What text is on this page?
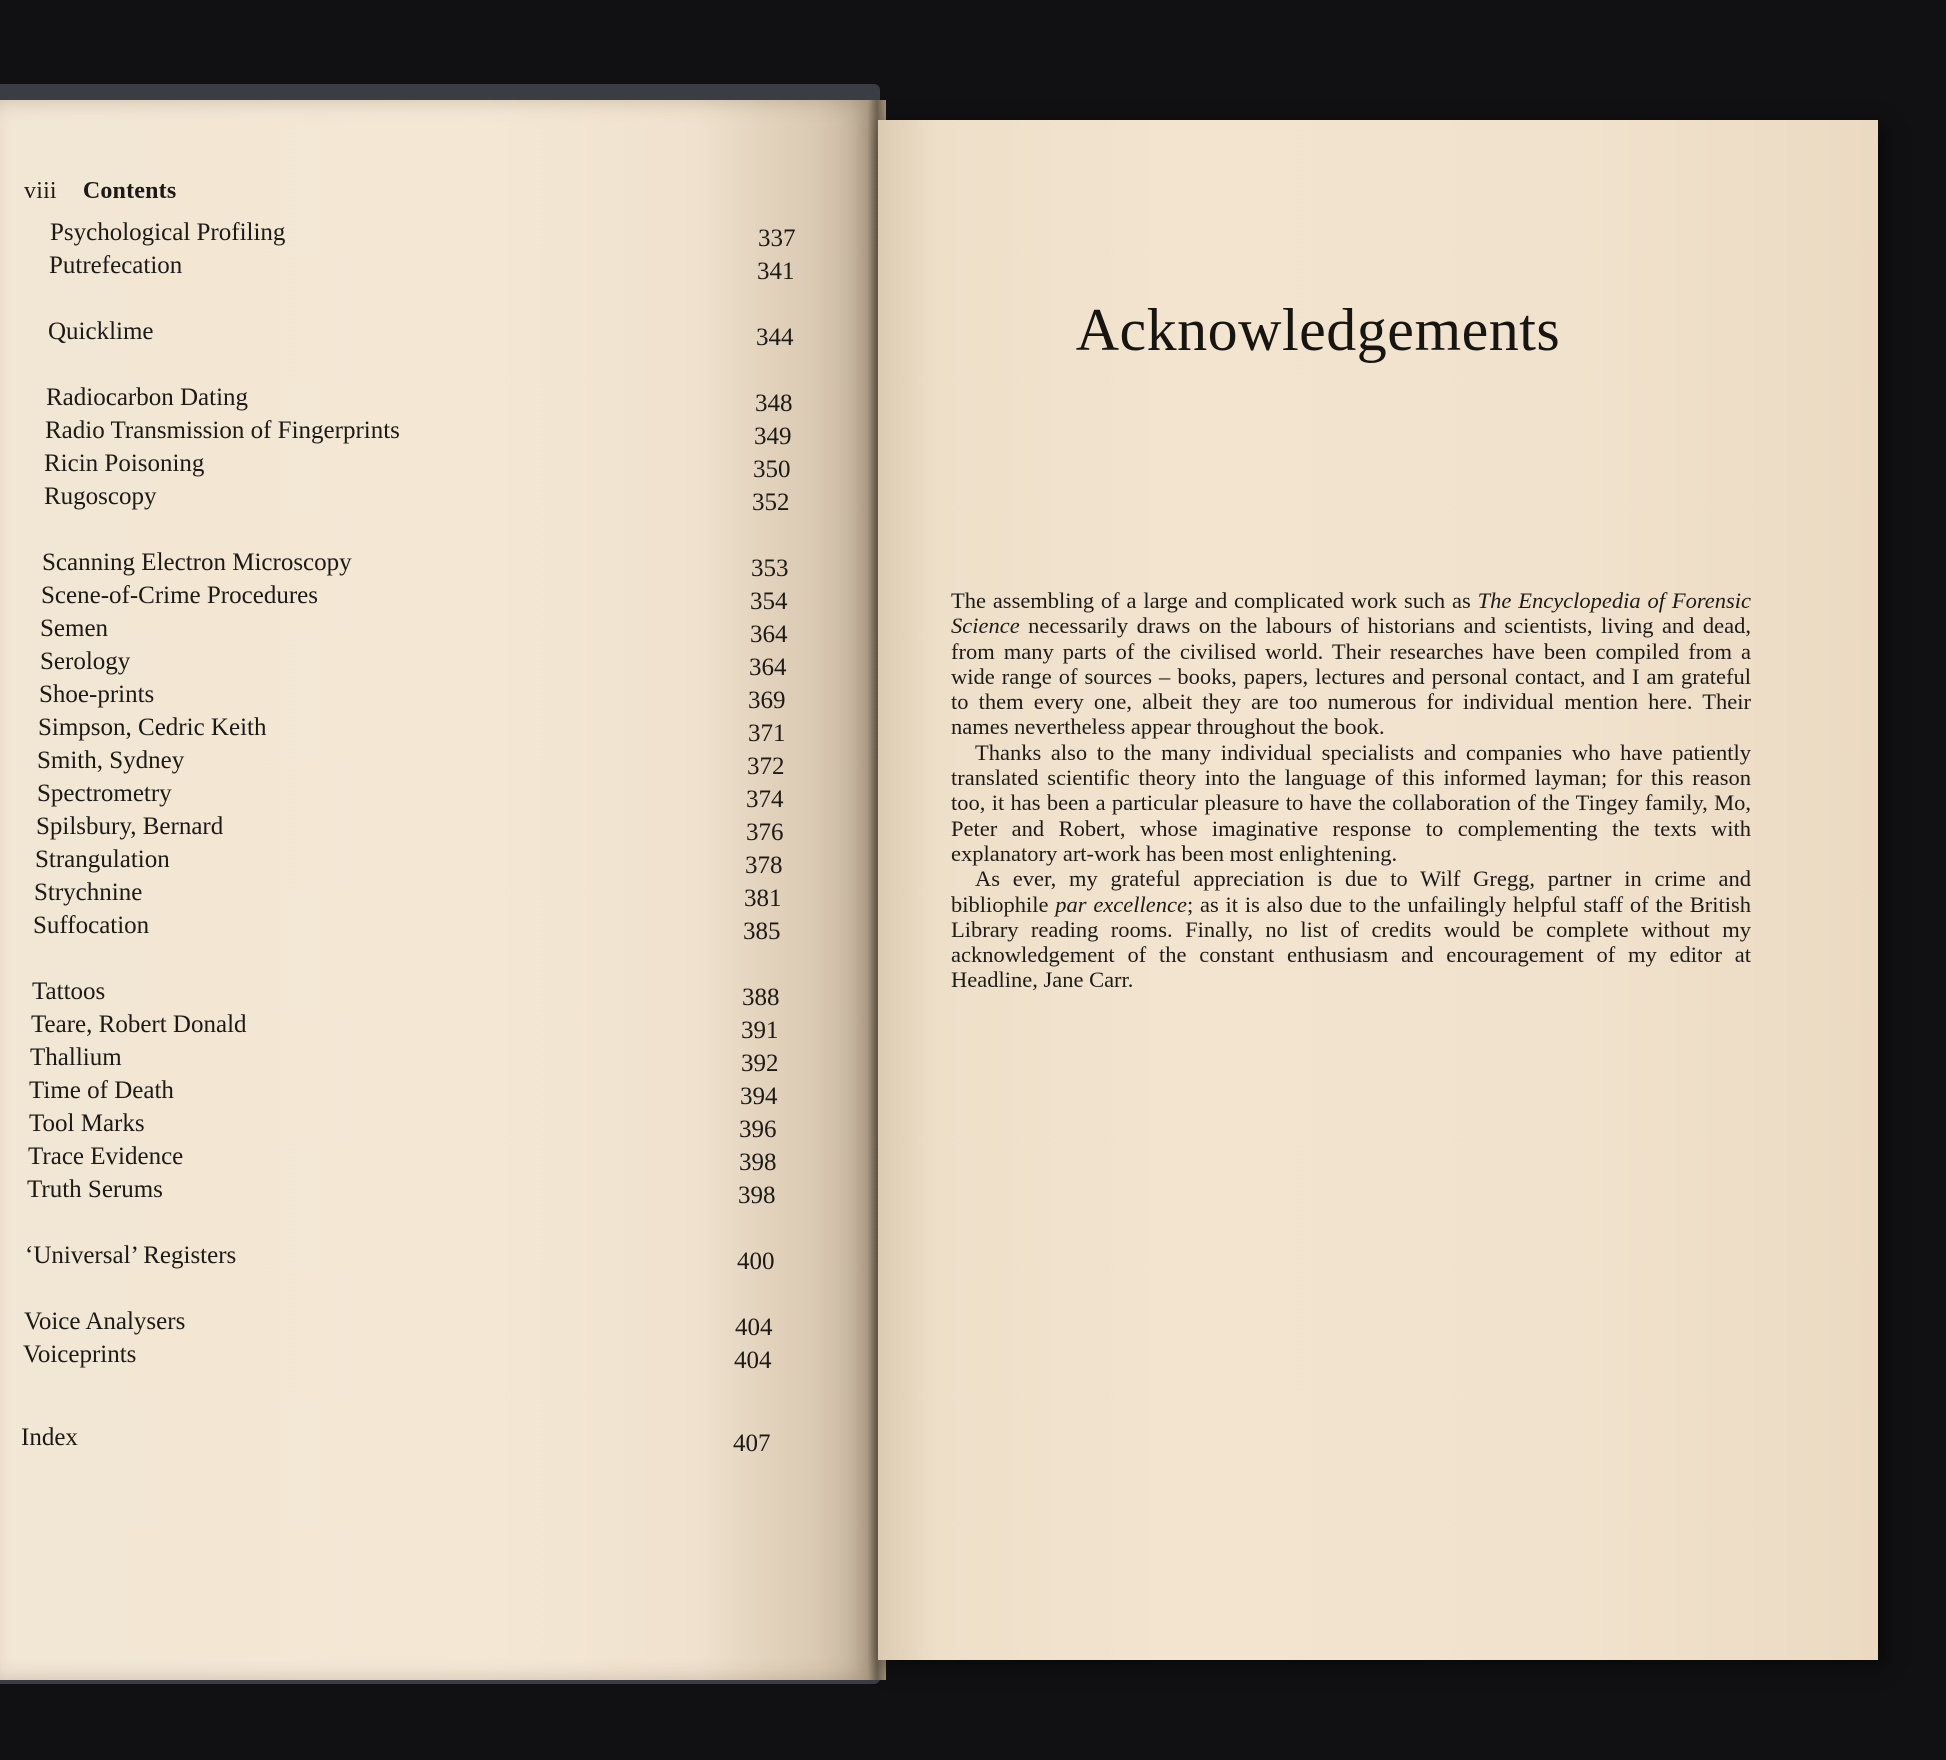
viii Contents
Psychological Profiling	337
Putrefecation	341
Quicklime	344
Radiocarbon Dating	348
Radio Transmission of Fingerprints	349
Ricin Poisoning	350
Rugoscopy	352
Scanning Electron Microscopy	353
Scene-of-Crime Procedures	354
Semen	364
Serology	364
Shoe-prints	369
Simpson, Cedric Keith	371
Smith, Sydney	372
Spectrometry	374
Spilsbury, Bernard	376
Strangulation	378
Strychnine	381
Suffocation	385
Tattoos	388
Teare, Robert Donald	391
Thallium	392
Time of Death	394
Tool Marks	396
Trace Evidence	398
Truth Serums	398
‘Universal’ Registers	400
Voice Analysers	404
Voiceprints	404
Index	407
Acknowledgements

The assembling of a large and complicated work such as The Encyclopedia of Forensic Science necessarily draws on the labours of historians and scientists, living and dead, from many parts of the civilised world. Their researches have been compiled from a wide range of sources – books, papers, lectures and personal contact, and I am grateful to them every one, albeit they are too numerous for individual mention here. Their names nevertheless appear throughout the book.

Thanks also to the many individual specialists and companies who have patiently translated scientific theory into the language of this informed layman; for this reason too, it has been a particular pleasure to have the collaboration of the Tingey family, Mo, Peter and Robert, whose imaginative response to complementing the texts with explanatory art-work has been most enlightening.

As ever, my grateful appreciation is due to Wilf Gregg, partner in crime and bibliophile par excellence; as it is also due to the unfailingly helpful staff of the British Library reading rooms. Finally, no list of credits would be complete without my acknowledgement of the constant enthusiasm and encouragement of my editor at Headline, Jane Carr.
